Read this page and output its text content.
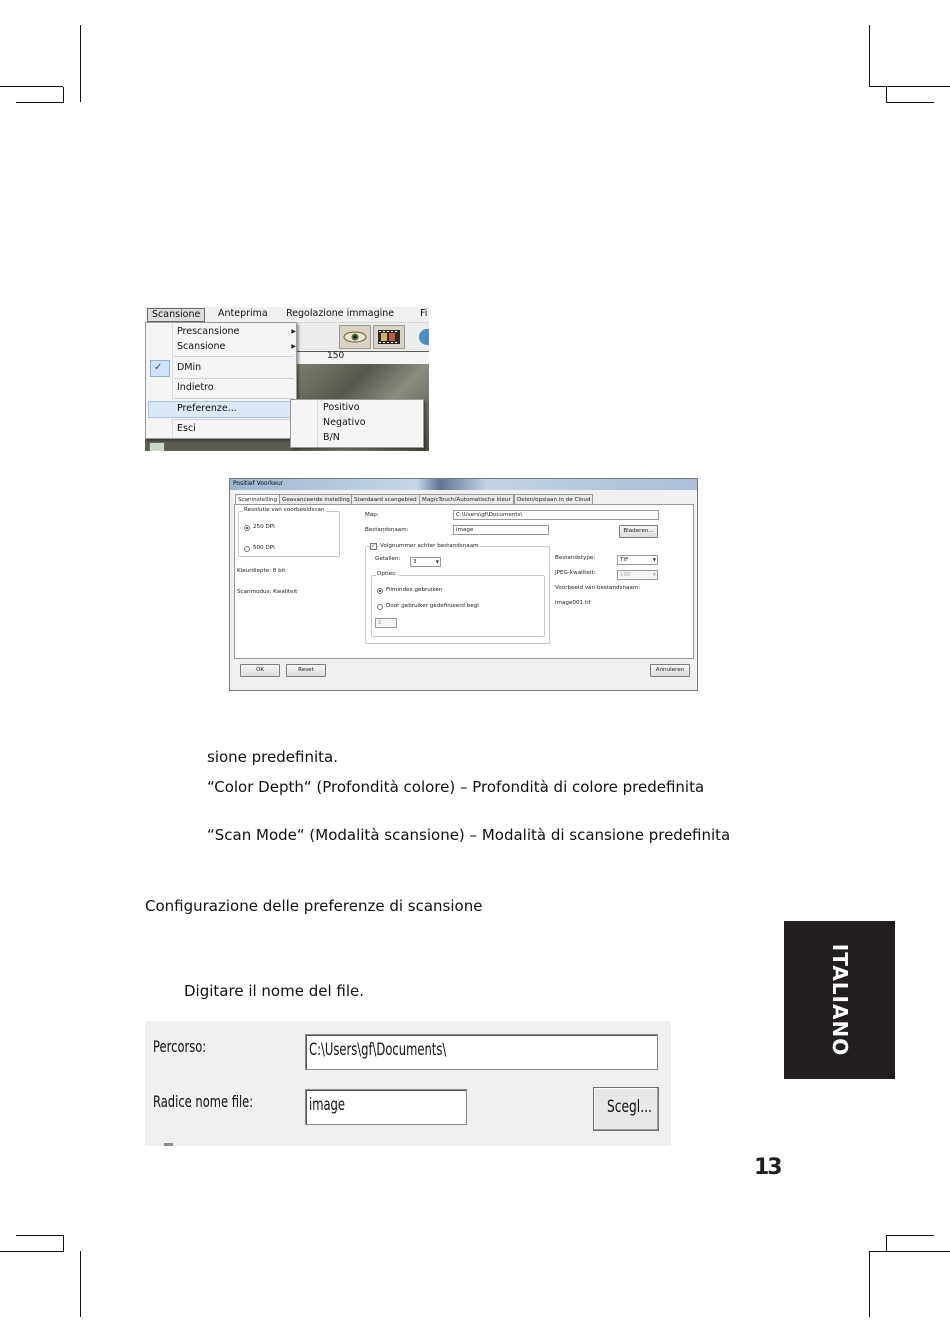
Scansione	Anteprima	Regolazione immagine	Fi
150
✓
Prescansione	▶
Scansione	▶
DMin
Indietro
Preferenze...
Esci
Positivo
Negativo
B/N
Positief Voorkeur
Scaninstelling Geavanceerde instelling Standaard scangebied MagicTouch/Automatische kleur	Delen/opslaan in de Cloud
Resolutie van voorbeeldscan
250 DPI
500 DPI
Kleurdiepte: 8 bit
Scanmodus: Kwaliteit
Map:	C:\Users\gf\Documents\
Bestandsnaam:	image	Bladeren...
✓ Volgnummer achter bestandsnaam
Getallen:	3	▼
Opties:
Filmindex gebruiken
Door gebruiker gedefinieerd begi
1
Bestandstype:	TIF	▼
JPEG-kwaliteit:	100	▼
Voorbeeld van bestandsnaam:
image001.tif
OK	Reset	Annuleren
sione predefinita.
“Color Depth“ (Profondità colore) – Profondità di colore predefinita
“Scan Mode“ (Modalità scansione) – Modalità di scansione predefinita
Configurazione delle preferenze di scansione
Digitare il nome del file.
Percorso:	C:\Users\gf\Documents\
Radice nome file:	image	Scegl...
ITALIANO
13
